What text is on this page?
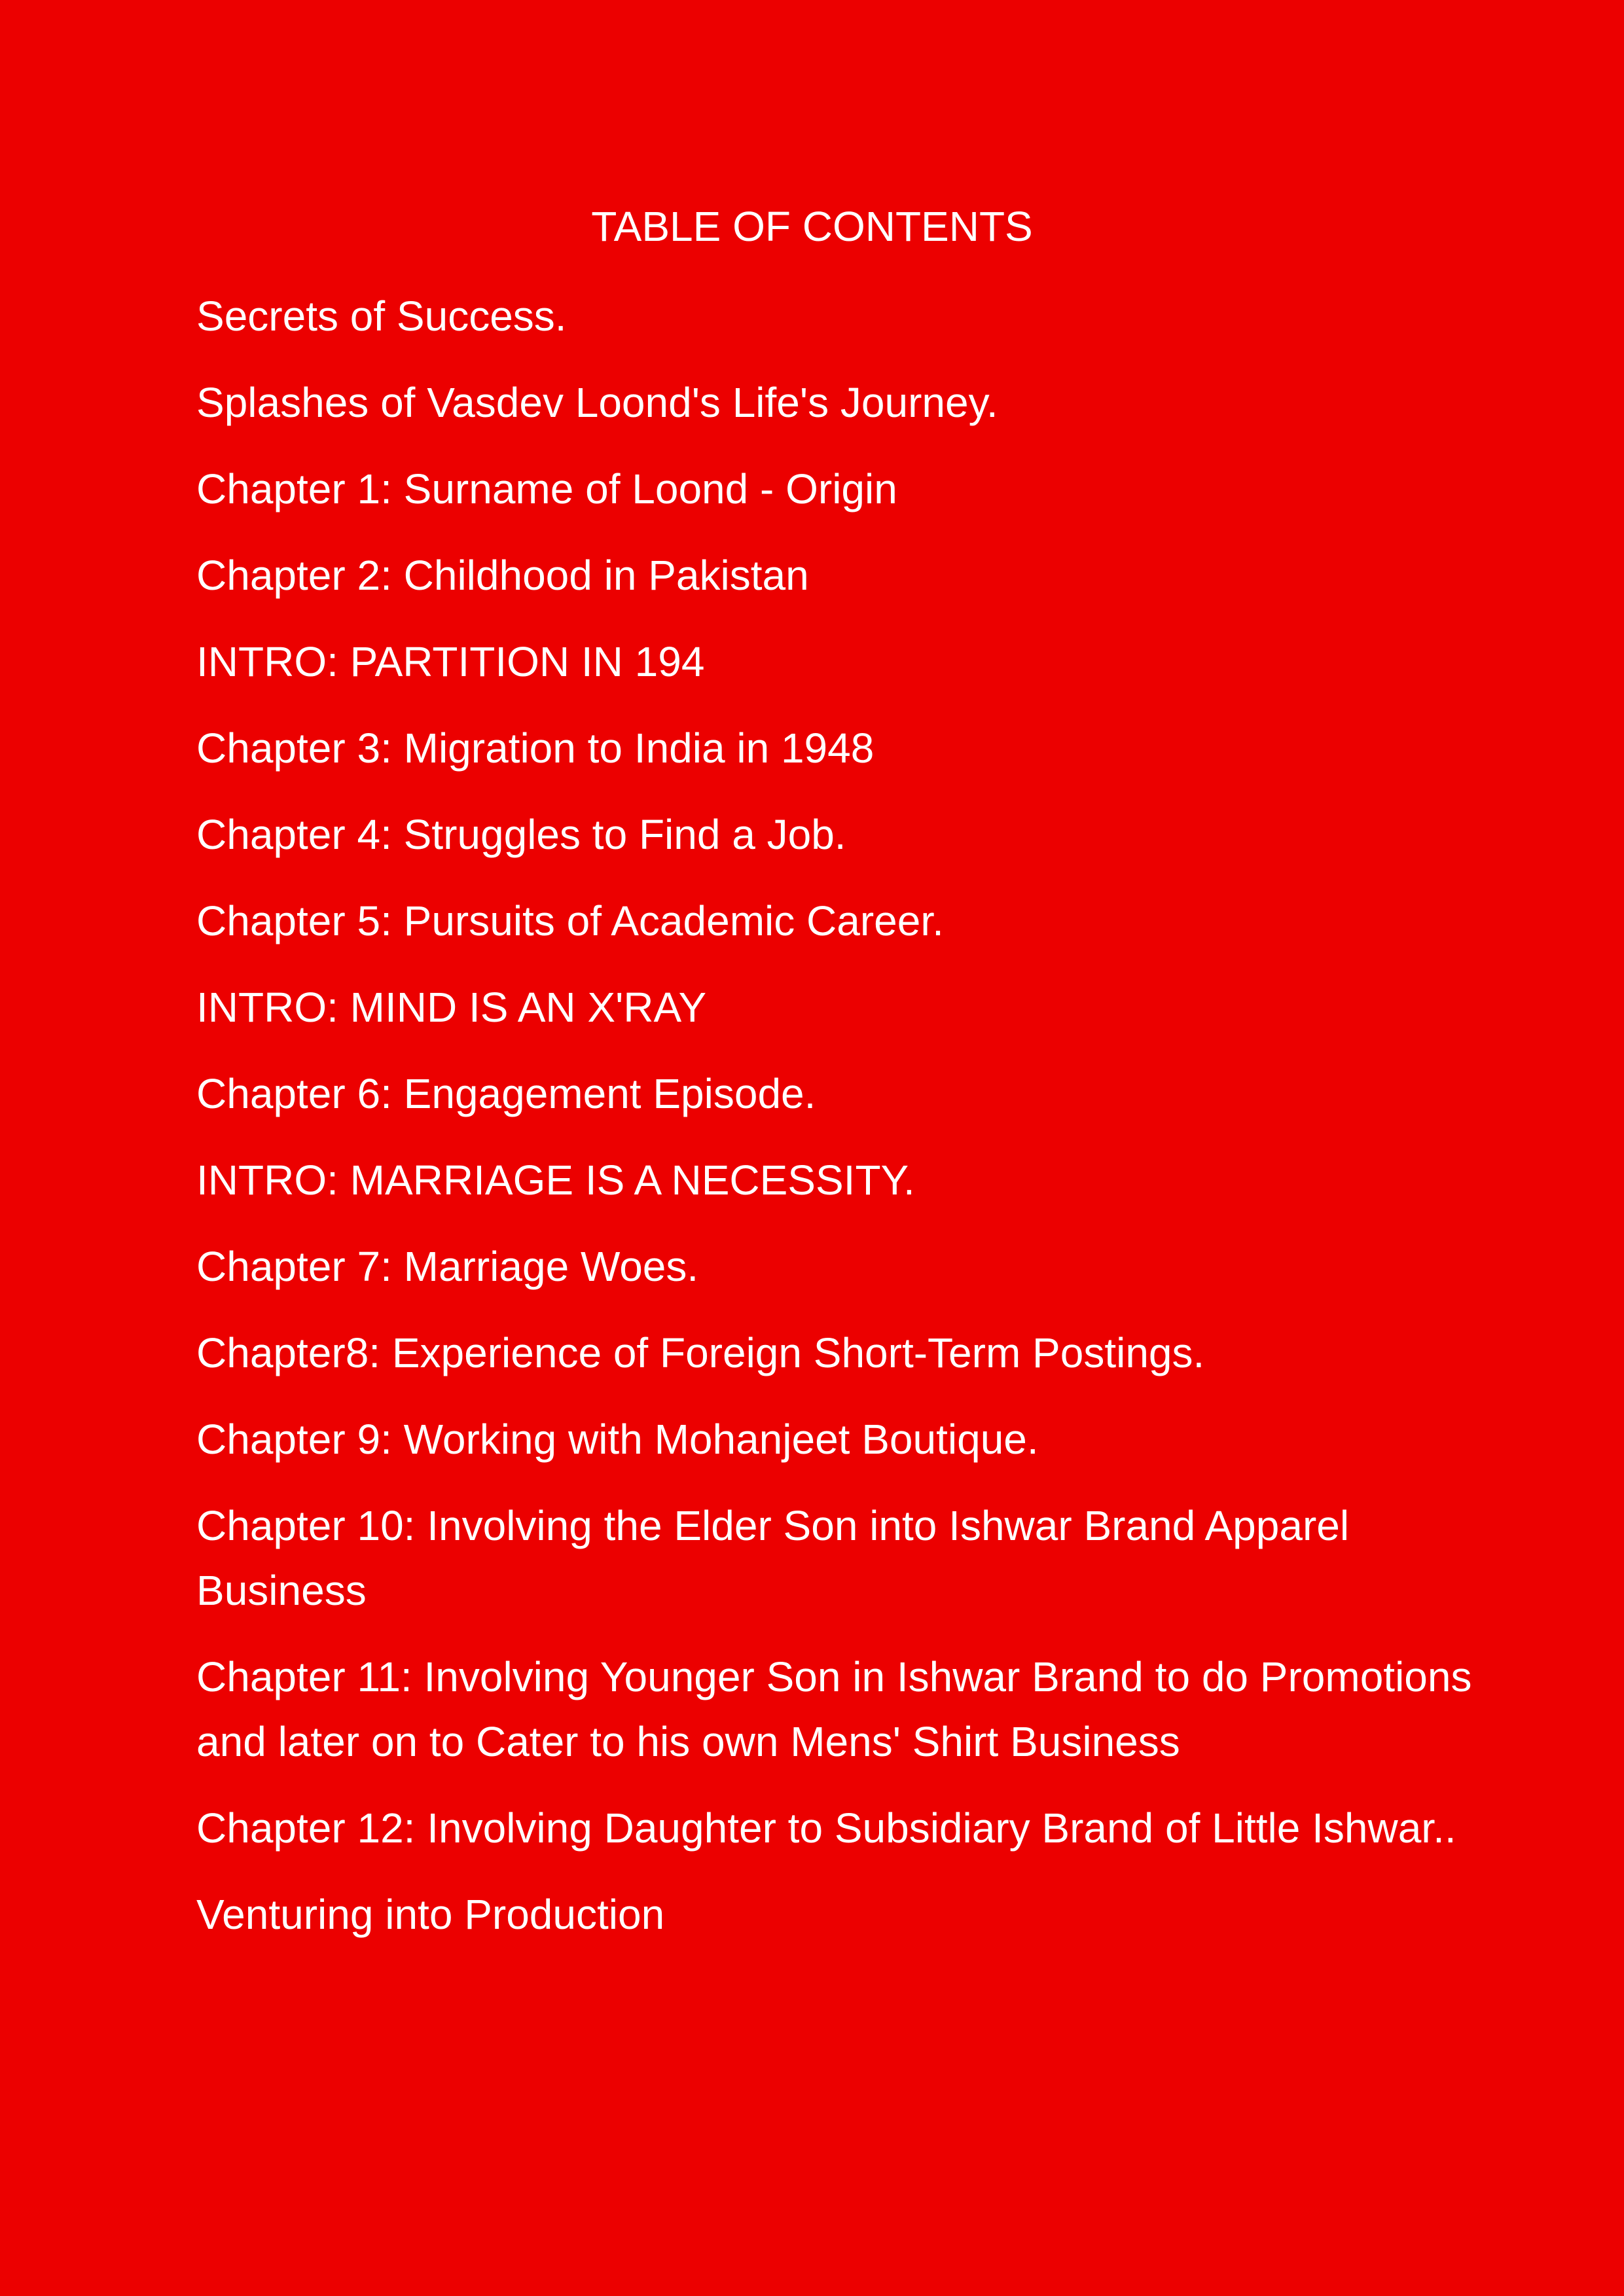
TABLE OF CONTENTS
Secrets of Success.
Splashes of Vasdev Loond's Life's Journey.
Chapter 1: Surname of Loond - Origin
Chapter 2: Childhood in Pakistan
INTRO: PARTITION IN 194
Chapter 3: Migration to India in 1948
Chapter 4: Struggles to Find a Job.
Chapter 5: Pursuits of Academic Career.
INTRO: MIND IS AN X'RAY
Chapter 6: Engagement Episode.
INTRO: MARRIAGE IS A NECESSITY.
Chapter 7: Marriage Woes.
Chapter8: Experience of Foreign Short-Term Postings.
Chapter 9: Working with Mohanjeet Boutique.
Chapter 10: Involving the Elder Son into Ishwar Brand Apparel Business
Chapter 11: Involving Younger Son in Ishwar Brand to do Promotions and later on to Cater to his own Mens' Shirt Business
Chapter 12: Involving Daughter to Subsidiary Brand of Little Ishwar..
Venturing into Production
